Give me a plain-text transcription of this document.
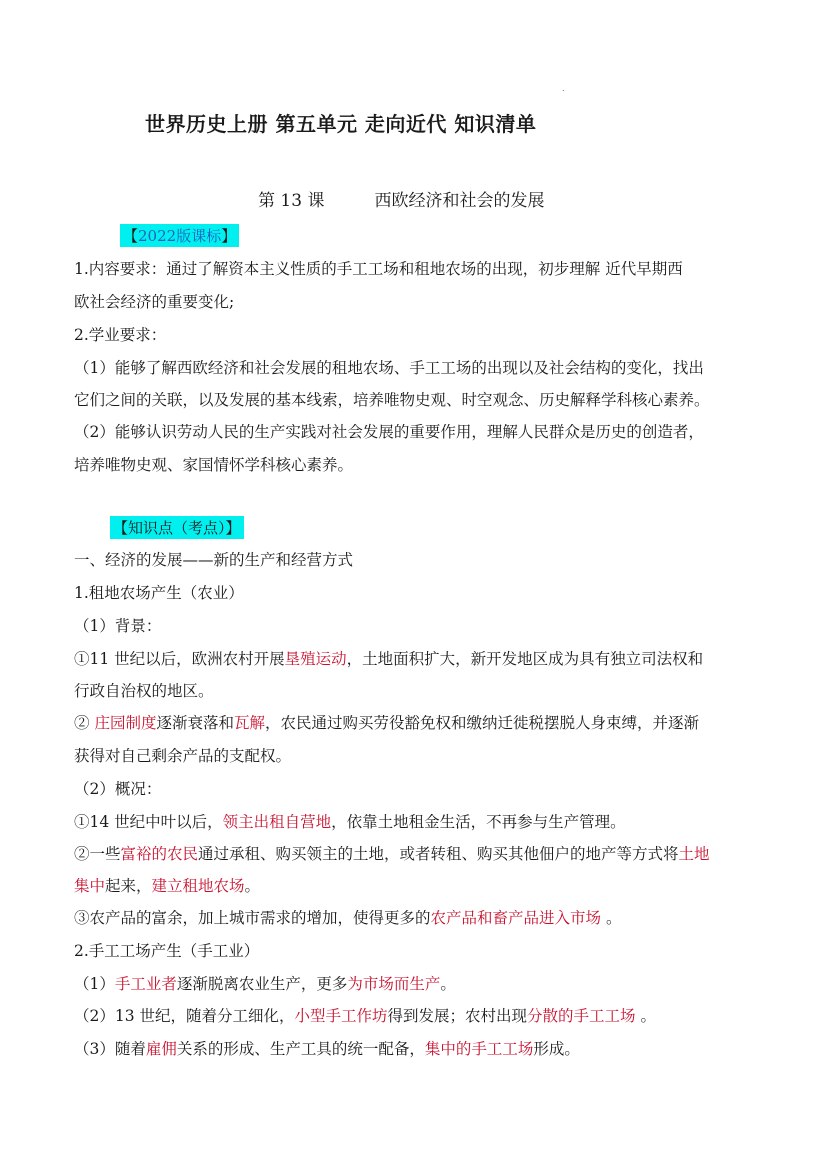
.
世界历史上册 第五单元 走向近代 知识清单
第 13 课	西欧经济和社会的发展
【2022版课标】
1.内容要求：通过了解资本主义性质的手工工场和租地农场的出现，初步理解 近代早期西
欧社会经济的重要变化;
2.学业要求：
（1）能够了解西欧经济和社会发展的租地农场、手工工场的出现以及社会结构的变化，找出
它们之间的关联，以及发展的基本线索，培养唯物史观、时空观念、历史解释学科核心素养。
（2）能够认识劳动人民的生产实践对社会发展的重要作用，理解人民群众是历史的创造者，
培养唯物史观、家国情怀学科核心素养。
【知识点（考点）】
一、经济的发展——新的生产和经营方式
1.租地农场产生（农业）
（1）背景：
①11 世纪以后，欧洲农村开展垦殖运动，土地面积扩大，新开发地区成为具有独立司法权和
行政自治权的地区。
② 庄园制度逐渐衰落和瓦解，农民通过购买劳役豁免权和缴纳迁徙税摆脱人身束缚，并逐渐
获得对自己剩余产品的支配权。
（2）概况：
①14 世纪中叶以后，领主出租自营地，依靠土地租金生活，不再参与生产管理。
②一些富裕的农民通过承租、购买领主的土地，或者转租、购买其他佃户的地产等方式将土地
集中起来，建立租地农场。
③农产品的富余，加上城市需求的增加，使得更多的农产品和畜产品进入市场 。
2.手工工场产生（手工业）
（1）手工业者逐渐脱离农业生产，更多为市场而生产。
（2）13 世纪，随着分工细化，小型手工作坊得到发展；农村出现分散的手工工场 。
（3）随着雇佣关系的形成、生产工具的统一配备，集中的手工工场形成。
